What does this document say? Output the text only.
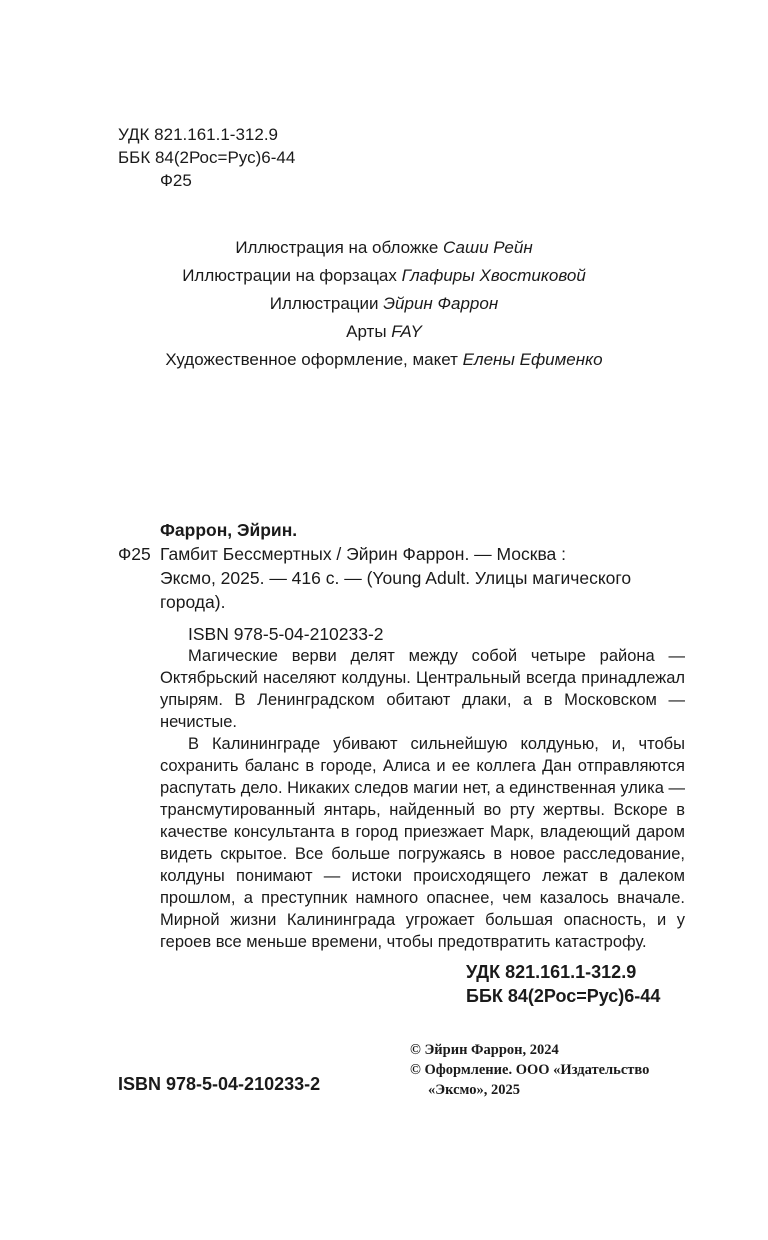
УДК 821.161.1-312.9
ББК 84(2Рос=Рус)6-44
Ф25
Иллюстрация на обложке Саши Рейн
Иллюстрации на форзацах Глафиры Хвостиковой
Иллюстрации Эйрин Фаррон
Арты FAY
Художественное оформление, макет Елены Ефименко
Фаррон, Эйрин.
Ф25 Гамбит Бессмертных / Эйрин Фаррон. — Москва :
Эксмо, 2025. — 416 с. — (Young Adult. Улицы магического
города).
ISBN 978-5-04-210233-2

Магические верви делят между собой четыре района — Октябрьский населяют колдуны. Центральный всегда принадлежал упырям. В Ленинградском обитают длаки, а в Московском — нечистые.

В Калининграде убивают сильнейшую колдунью, и, чтобы сохранить баланс в городе, Алиса и ее коллега Дан отправляются распутать дело. Никаких следов магии нет, а единственная улика — трансмутированный янтарь, найденный во рту жертвы. Вскоре в качестве консультанта в город приезжает Марк, владеющий даром видеть скрытое. Все больше погружаясь в новое расследование, колдуны понимают — истоки происходящего лежат в далеком прошлом, а преступник намного опаснее, чем казалось вначале. Мирной жизни Калининграда угрожает большая опасность, и у героев все меньше времени, чтобы предотвратить катастрофу.

УДК 821.161.1-312.9
ББК 84(2Рос=Рус)6-44
© Эйрин Фаррон, 2024
© Оформление. ООО «Издательство
«Эксмо», 2025
ISBN 978-5-04-210233-2
